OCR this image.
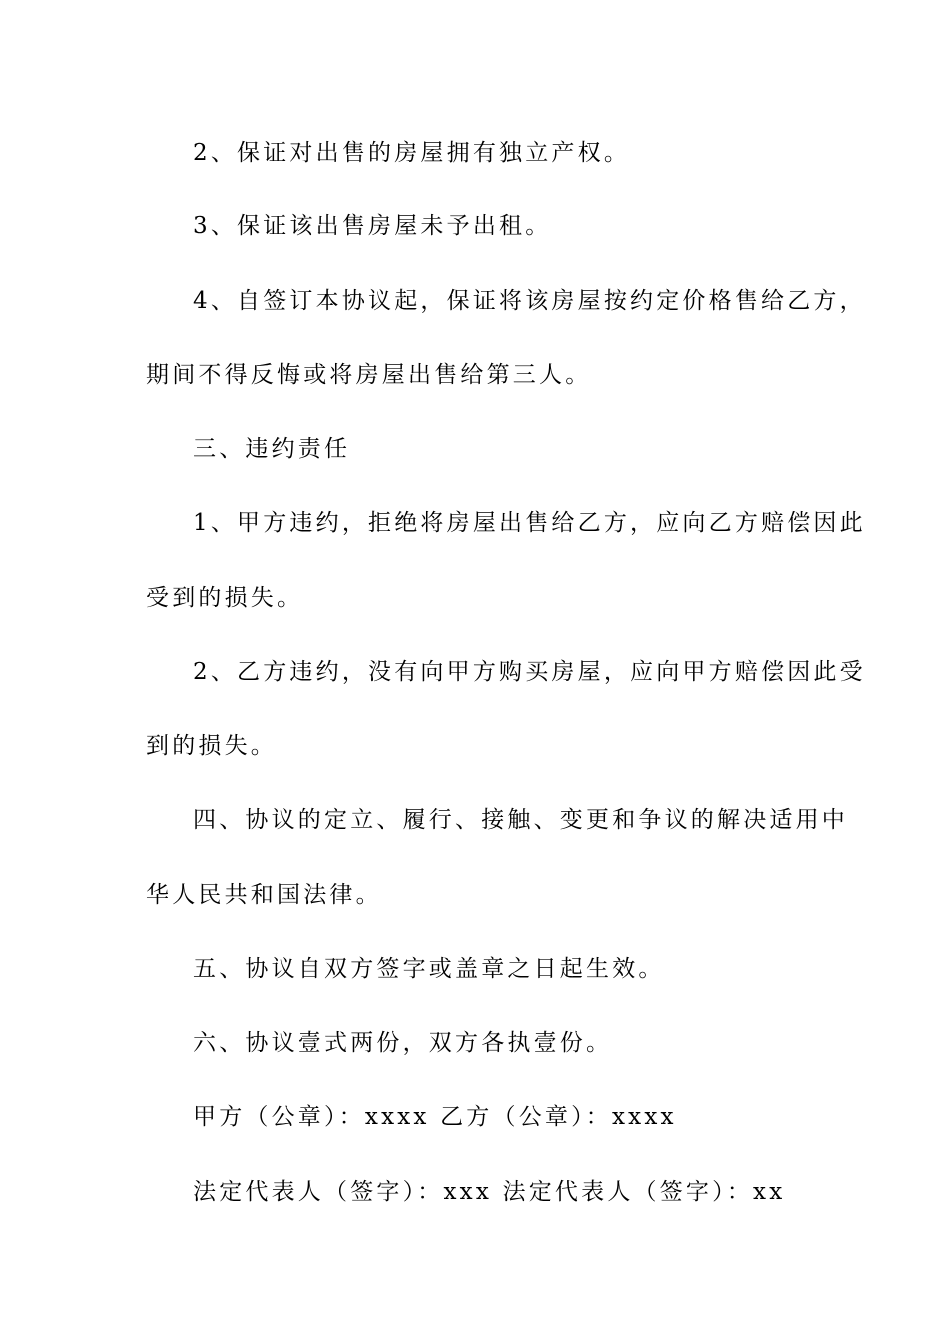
2、保证对出售的房屋拥有独立产权。
3、保证该出售房屋未予出租。
4、自签订本协议起，保证将该房屋按约定价格售给乙方，
期间不得反悔或将房屋出售给第三人。
三、违约责任
1、甲方违约，拒绝将房屋出售给乙方，应向乙方赔偿因此
受到的损失。
2、乙方违约，没有向甲方购买房屋，应向甲方赔偿因此受
到的损失。
四、协议的定立、履行、接触、变更和争议的解决适用中
华人民共和国法律。
五、协议自双方签字或盖章之日起生效。
六、协议壹式两份，双方各执壹份。
甲方（公章）：xxxx 乙方（公章）：xxxx
法定代表人（签字）：xxx 法定代表人（签字）：xx
